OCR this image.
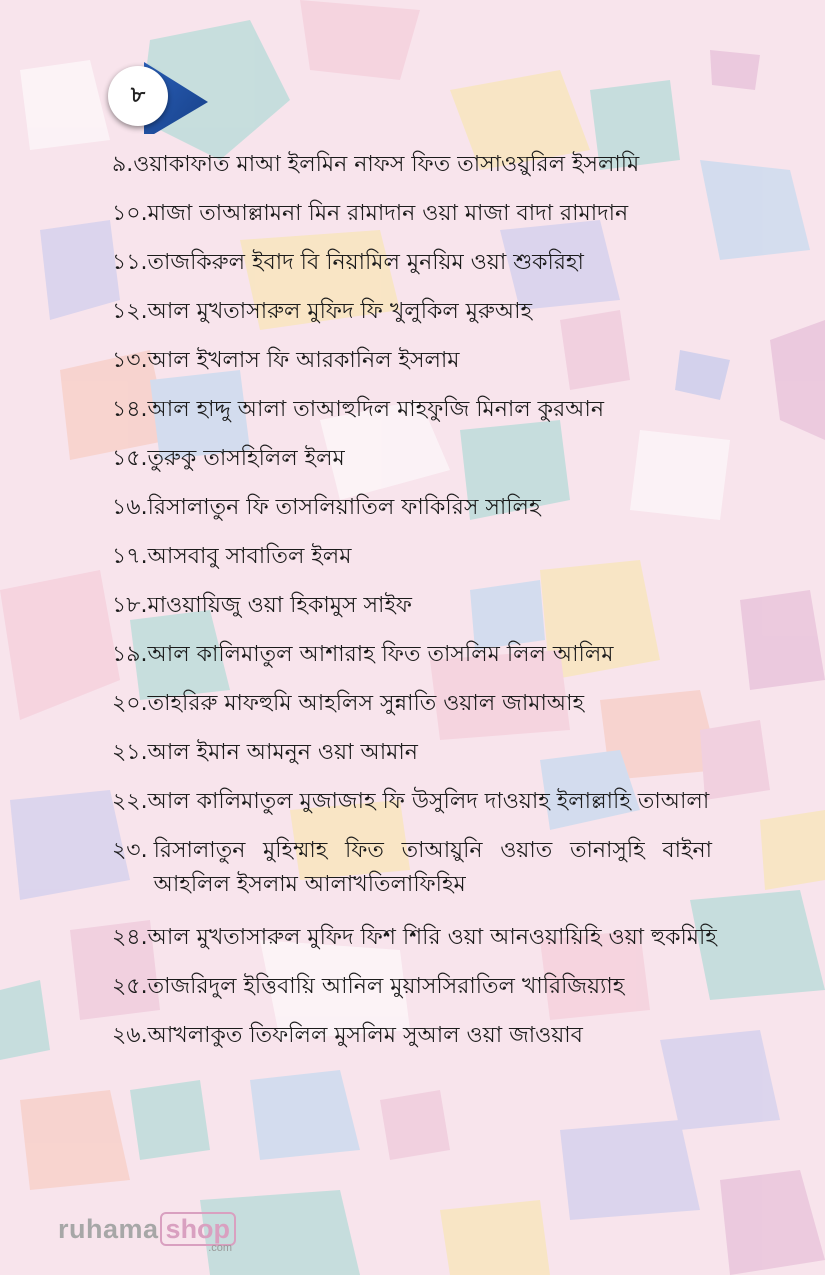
৮
৯. ওয়াকাফাত মাআ ইলমিন নাফস ফিত তাসাওয়ুরিল ইসলামি
১০. মাজা তাআল্লামনা মিন রামাদান ওয়া মাজা বাদা রামাদান
১১. তাজকিরুল ইবাদ বি নিয়ামিল মুনয়িম ওয়া শুকরিহা
১২. আল মুখতাসারুল মুফিদ ফি খুলুকিল মুরুআহ
১৩. আল ইখলাস ফি আরকানিল ইসলাম
১৪. আল হাদ্দু আলা তাআহুদিল মাহফুজি মিনাল কুরআন
১৫. তুরুকু তাসহিলিল ইলম
১৬. রিসালাতুন ফি তাসলিয়াতিল ফাকিরিস সালিহ
১৭. আসবাবু সাবাতিল ইলম
১৮. মাওয়ায়িজু ওয়া হিকামুস সাইফ
১৯. আল কালিমাতুল আশারাহ ফিত তাসলিম লিল আলিম
২০. তাহরিরু মাফহুমি আহলিস সুন্নাতি ওয়াল জামাআহ
২১. আল ইমান আমনুন ওয়া আমান
২২. আল কালিমাতুল মুজাজাহ ফি উসুলিদ দাওয়াহ ইলাল্লাহি তাআলা
২৩. রিসালাতুন মুহিম্মাহ ফিত তাআয়ুনি ওয়াত তানাসুহি বাইনা আহলিল ইসলাম আলাখতিলাফিহিম
২৪. আল মুখতাসারুল মুফিদ ফিশ শিরি ওয়া আনওয়ায়িহি ওয়া হুকমিহি
২৫. তাজরিদুল ইত্তিবায়ি আনিল মুয়াসসিরাতিল খারিজিয়্যাহ
২৬. আখলাকুত তিফলিল মুসলিম সুআল ওয়া জাওয়াব
ruhama shop
.com
